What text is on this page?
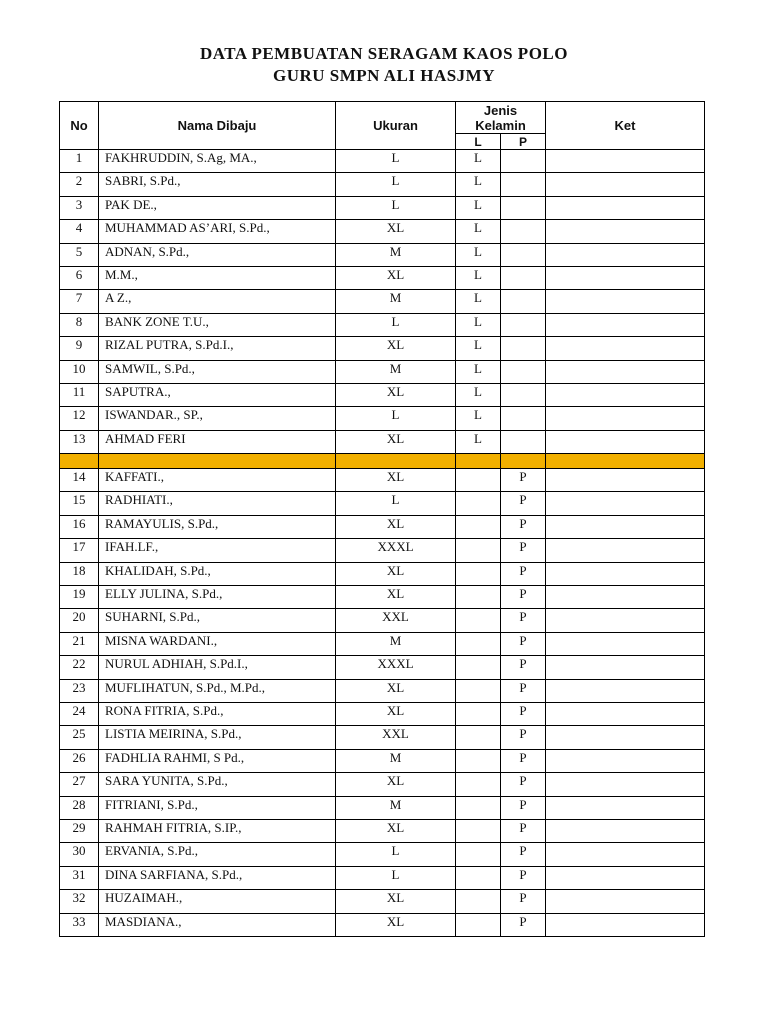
DATA PEMBUATAN SERAGAM KAOS POLO
GURU SMPN ALI HASJMY
No	Nama Dibaju	Ukuran	Jenis Kelamin		Ket
			L	P	
1	FAKHRUDDIN, S.Ag, MA.,	L	L		
2	SABRI, S.Pd.,	L	L		
3	PAK DE.,	L	L		
4	MUHAMMAD AS’ARI, S.Pd.,	XL	L		
5	ADNAN, S.Pd.,	M	L		
6	M.M.,	XL	L		
7	A Z.,	M	L		
8	BANK ZONE T.U.,	L	L		
9	RIZAL PUTRA, S.Pd.I.,	XL	L		
10	SAMWIL, S.Pd.,	M	L		
11	SAPUTRA.,	XL	L		
12	ISWANDAR., SP.,	L	L		
13	AHMAD FERI	XL	L		

14	KAFFATI.,	XL		P	
15	RADHIATI.,	L		P	
16	RAMAYULIS, S.Pd.,	XL		P	
17	IFAH.LF.,	XXXL		P	
18	KHALIDAH, S.Pd.,	XL		P	
19	ELLY JULINA, S.Pd.,	XL		P	
20	SUHARNI, S.Pd.,	XXL		P	
21	MISNA WARDANI.,	M		P	
22	NURUL ADHIAH, S.Pd.I.,	XXXL		P	
23	MUFLIHATUN, S.Pd., M.Pd.,	XL		P	
24	RONA FITRIA, S.Pd.,	XL		P	
25	LISTIA MEIRINA, S.Pd.,	XXL		P	
26	FADHLIA RAHMI, S Pd.,	M		P	
27	SARA YUNITA, S.Pd.,	XL		P	
28	FITRIANI, S.Pd.,	M		P	
29	RAHMAH FITRIA, S.IP.,	XL		P	
30	ERVANIA, S.Pd.,	L		P	
31	DINA SARFIANA, S.Pd.,	L		P	
32	HUZAIMAH.,	XL		P	
33	MASDIANA.,	XL		P	
